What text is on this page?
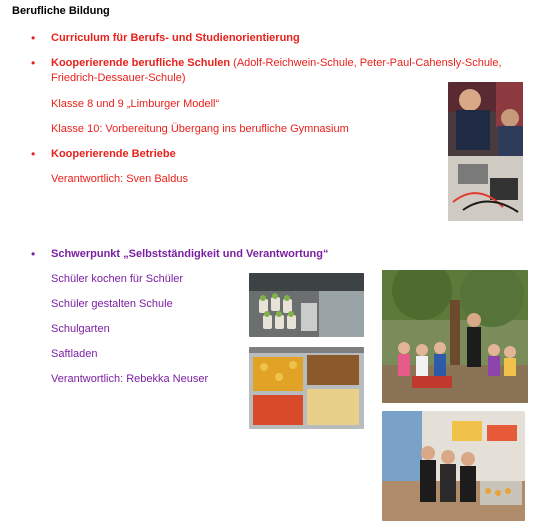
Berufliche Bildung
• Curriculum für Berufs- und Studienorientierung
• Kooperierende berufliche Schulen (Adolf-Reichwein-Schule, Peter-Paul-Cahensly-Schule,
Friedrich-Dessauer-Schule)
Klasse 8 und 9 „Limburger Modell“
Klasse 10: Vorbereitung Übergang ins berufliche Gymnasium
• Kooperierende Betriebe
Verantwortlich: Sven Baldus
• Schwerpunkt „Selbstständigkeit und Verantwortung“
Schüler kochen für Schüler
Schüler gestalten Schule
Schulgarten
Saftladen
Verantwortlich: Rebekka Neuser
